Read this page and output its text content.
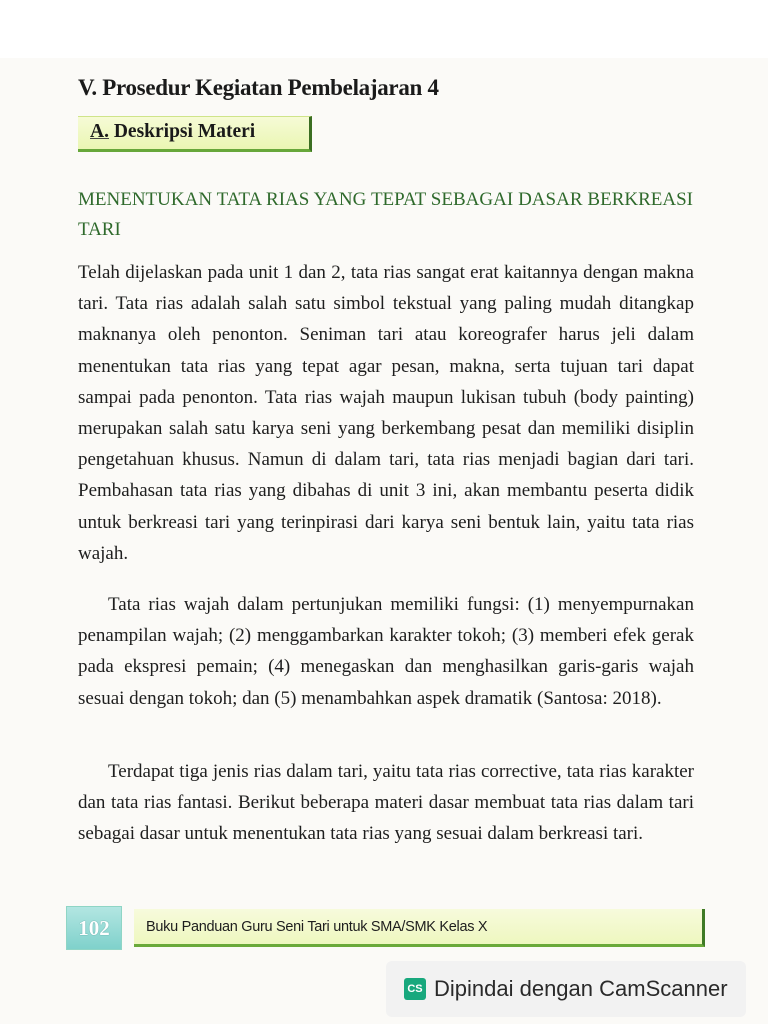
V. Prosedur Kegiatan Pembelajaran 4
A. Deskripsi Materi
MENENTUKAN TATA RIAS YANG TEPAT SEBAGAI DASAR BERKREASI TARI

Telah dijelaskan pada unit 1 dan 2, tata rias sangat erat kaitannya dengan makna tari. Tata rias adalah salah satu simbol tekstual yang paling mudah ditangkap maknanya oleh penonton. Seniman tari atau koreografer harus jeli dalam menentukan tata rias yang tepat agar pesan, makna, serta tujuan tari dapat sampai pada penonton. Tata rias wajah maupun lukisan tubuh (body painting) merupakan salah satu karya seni yang berkembang pesat dan memiliki disiplin pengetahuan khusus. Namun di dalam tari, tata rias menjadi bagian dari tari. Pembahasan tata rias yang dibahas di unit 3 ini, akan membantu peserta didik untuk berkreasi tari yang terinpirasi dari karya seni bentuk lain, yaitu tata rias wajah.

Tata rias wajah dalam pertunjukan memiliki fungsi: (1) menyempurnakan penampilan wajah; (2) menggambarkan karakter tokoh; (3) memberi efek gerak pada ekspresi pemain; (4) menegaskan dan menghasilkan garis-garis wajah sesuai dengan tokoh; dan (5) menambahkan aspek dramatik (Santosa: 2018).

Terdapat tiga jenis rias dalam tari, yaitu tata rias corrective, tata rias karakter dan tata rias fantasi. Berikut beberapa materi dasar membuat tata rias dalam tari sebagai dasar untuk menentukan tata rias yang sesuai dalam berkreasi tari.

102	Buku Panduan Guru Seni Tari untuk SMA/SMK Kelas X
CS Dipindai dengan CamScanner
